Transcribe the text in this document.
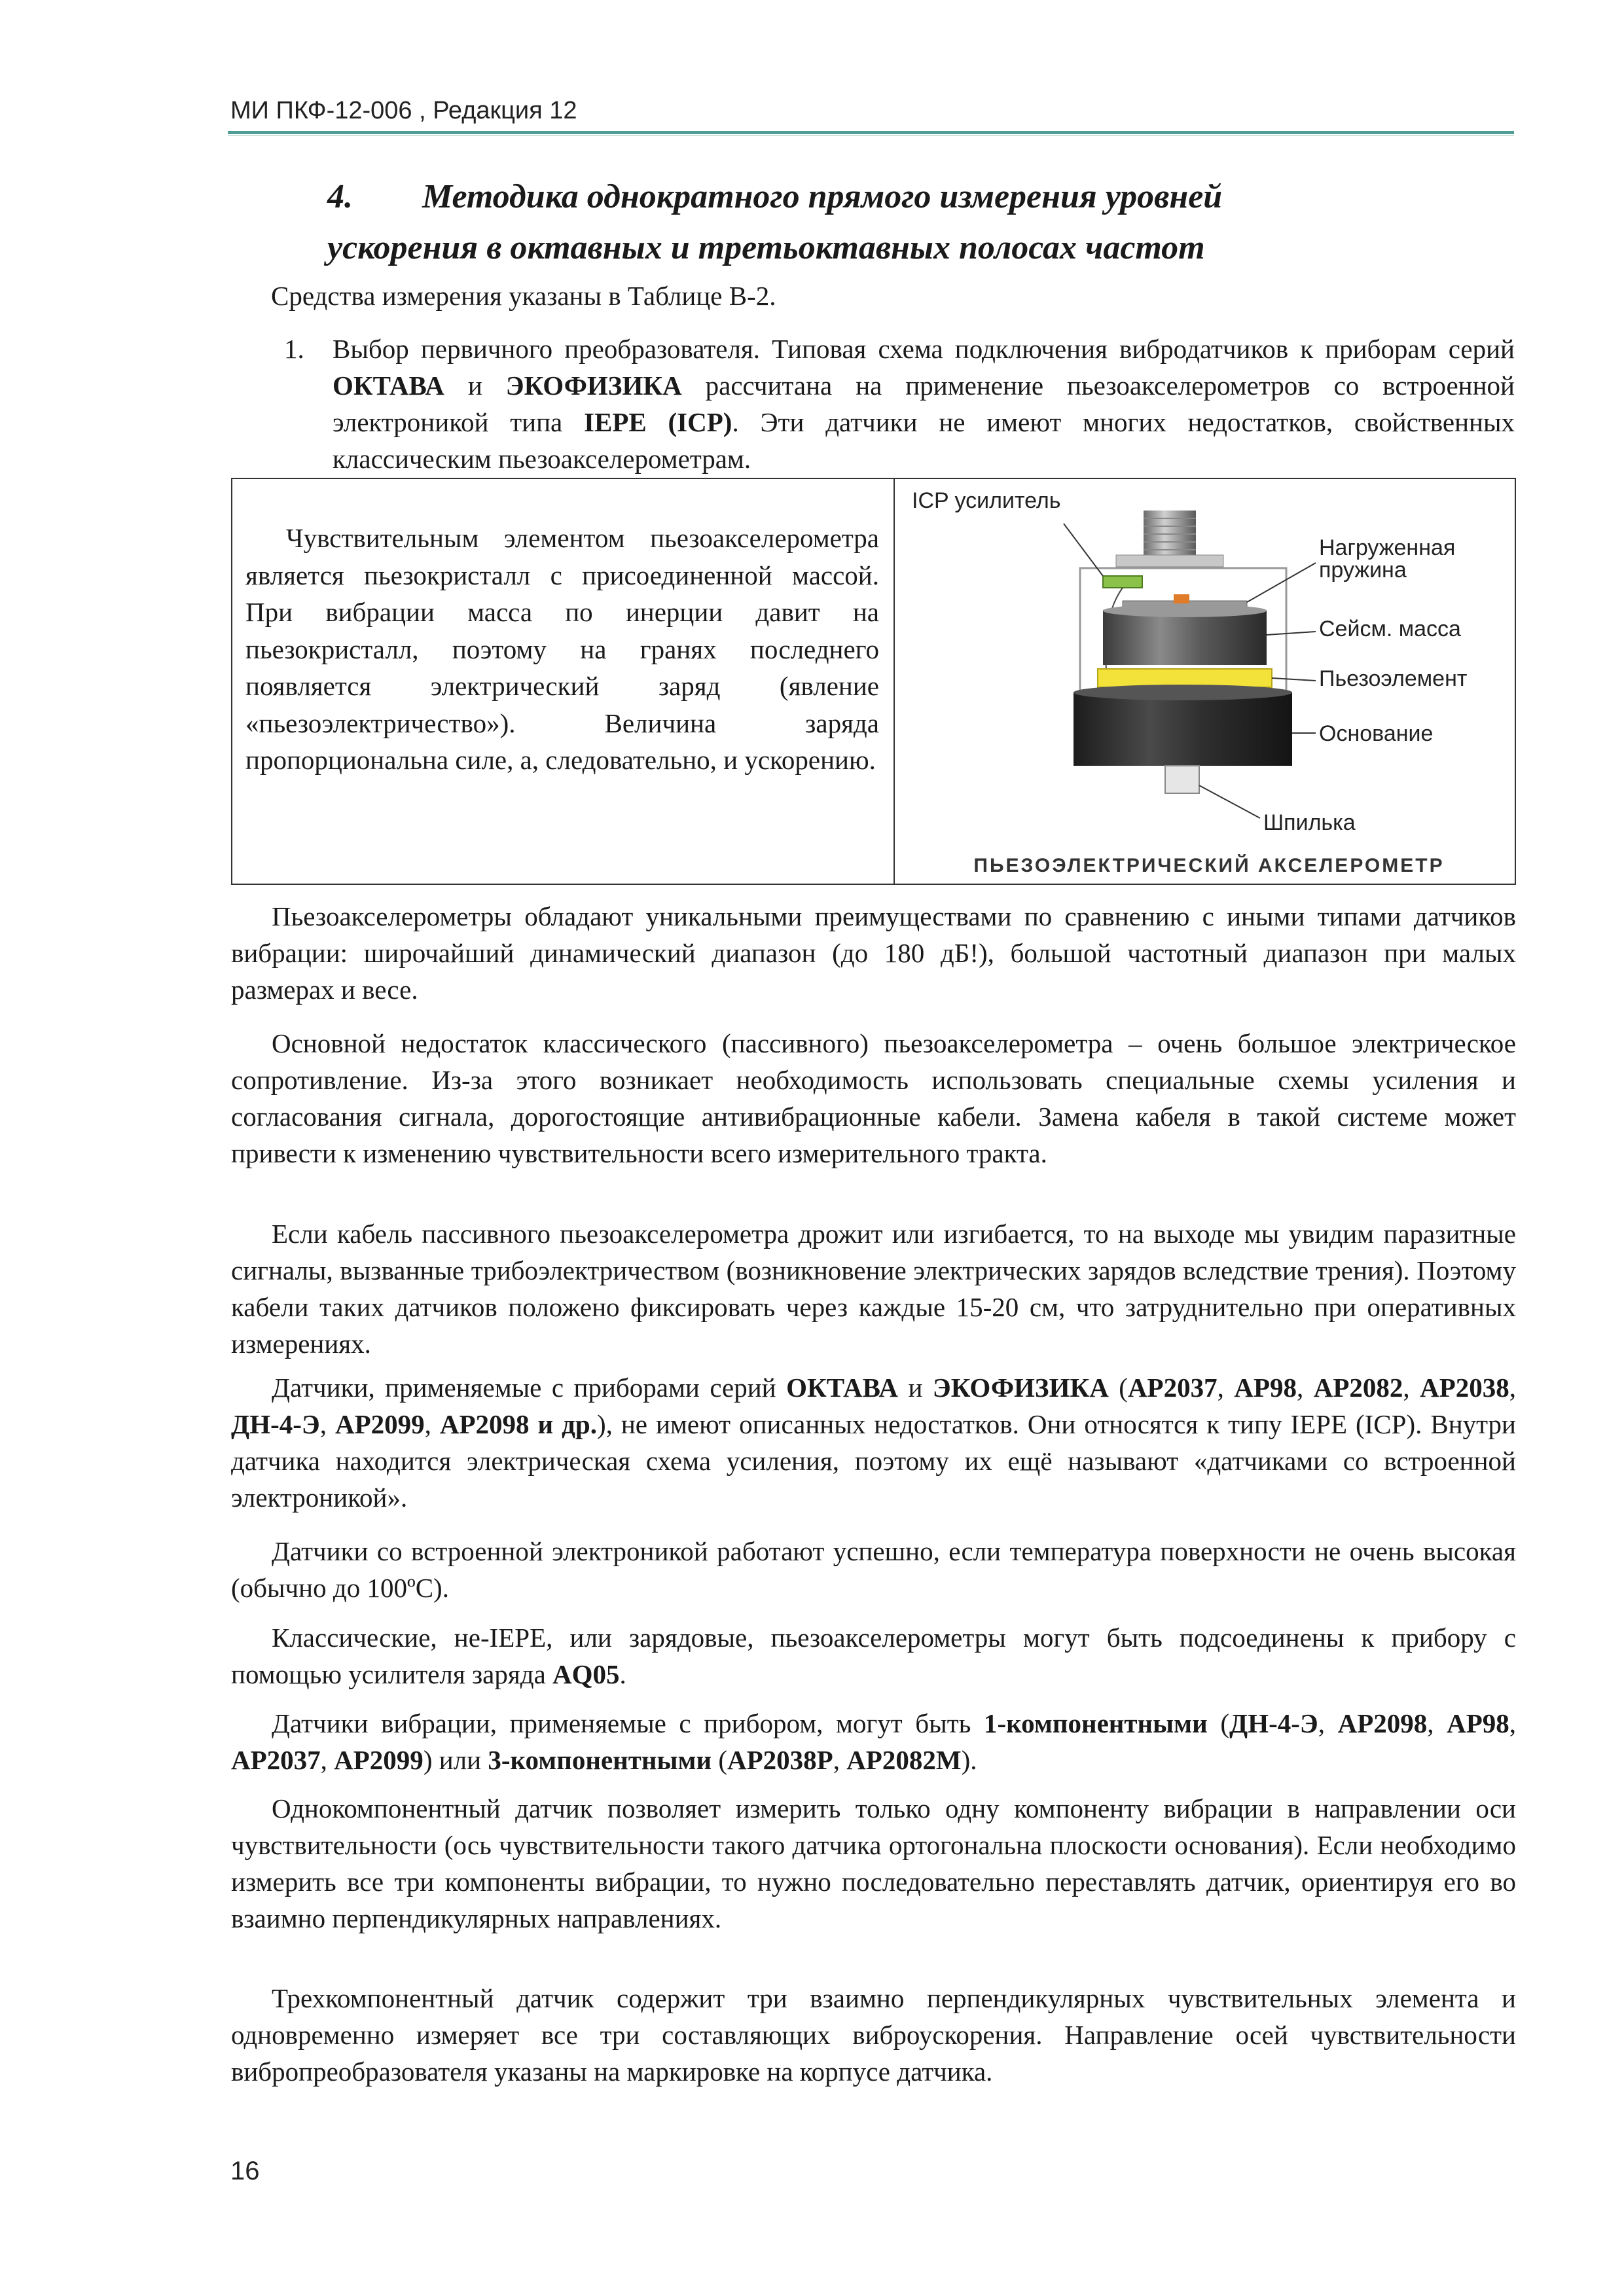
МИ ПКФ-12-006 , Редакция 12
4. Методика однократного прямого измерения уровней
ускорения в октавных и третьоктавных полосах частот
Средства измерения указаны в Таблице В-2.
1. Выбор первичного преобразователя. Типовая схема подключения вибродатчиков к приборам серий ОКТАВА и ЭКОФИЗИКА рассчитана на применение пьезоакселерометров со встроенной электроникой типа IEPE (ICP). Эти датчики не имеют многих недостатков, свойственных классическим пьезоакселерометрам.
Чувствительным элементом пьезоакселерометра является пьезокристалл с присоединенной массой. При вибрации масса по инерции давит на пьезокристалл, поэтому на гранях последнего появляется электрический заряд (явление «пьезоэлектричество»). Величина заряда пропорциональна силе, а, следовательно, и ускорению.
ICP усилитель
Нагруженная
пружина
Сейсм. масса
Пьезоэлемент
Основание
Шпилька
ПЬЕЗОЭЛЕКТРИЧЕСКИЙ АКСЕЛЕРОМЕТР
Пьезоакселерометры обладают уникальными преимуществами по сравнению с иными типами датчиков вибрации: широчайший динамический диапазон (до 180 дБ!), большой частотный диапазон при малых размерах и весе.
Основной недостаток классического (пассивного) пьезоакселерометра – очень большое электрическое сопротивление. Из-за этого возникает необходимость использовать специальные схемы усиления и согласования сигнала, дорогостоящие антивибрационные кабели. Замена кабеля в такой системе может привести к изменению чувствительности всего измерительного тракта.
Если кабель пассивного пьезоакселерометра дрожит или изгибается, то на выходе мы увидим паразитные сигналы, вызванные трибоэлектричеством (возникновение электрических зарядов вследствие трения). Поэтому кабели таких датчиков положено фиксировать через каждые 15-20 см, что затруднительно при оперативных измерениях.
Датчики, применяемые с приборами серий ОКТАВА и ЭКОФИЗИКА (АР2037, АР98, АР2082, АР2038, ДН-4-Э, АР2099, АР2098 и др.), не имеют описанных недостатков. Они относятся к типу IEPE (ICP). Внутри датчика находится электрическая схема усиления, поэтому их ещё называют «датчиками со встроенной электроникой».
Датчики со встроенной электроникой работают успешно, если температура поверхности не очень высокая (обычно до 100ºС).
Классические, не-IEPE, или зарядовые, пьезоакселерометры могут быть подсоединены к прибору с помощью усилителя заряда AQ05.
Датчики вибрации, применяемые с прибором, могут быть 1-компонентными (ДН-4-Э, АР2098, АР98, АР2037, АР2099) или 3-компонентными (АР2038Р, АР2082М).
Однокомпонентный датчик позволяет измерить только одну компоненту вибрации в направлении оси чувствительности (ось чувствительности такого датчика ортогональна плоскости основания). Если необходимо измерить все три компоненты вибрации, то нужно последовательно переставлять датчик, ориентируя его во взаимно перпендикулярных направлениях.
Трехкомпонентный датчик содержит три взаимно перпендикулярных чувствительных элемента и одновременно измеряет все три составляющих виброускорения. Направление осей чувствительности вибропреобразователя указаны на маркировке на корпусе датчика.
16
